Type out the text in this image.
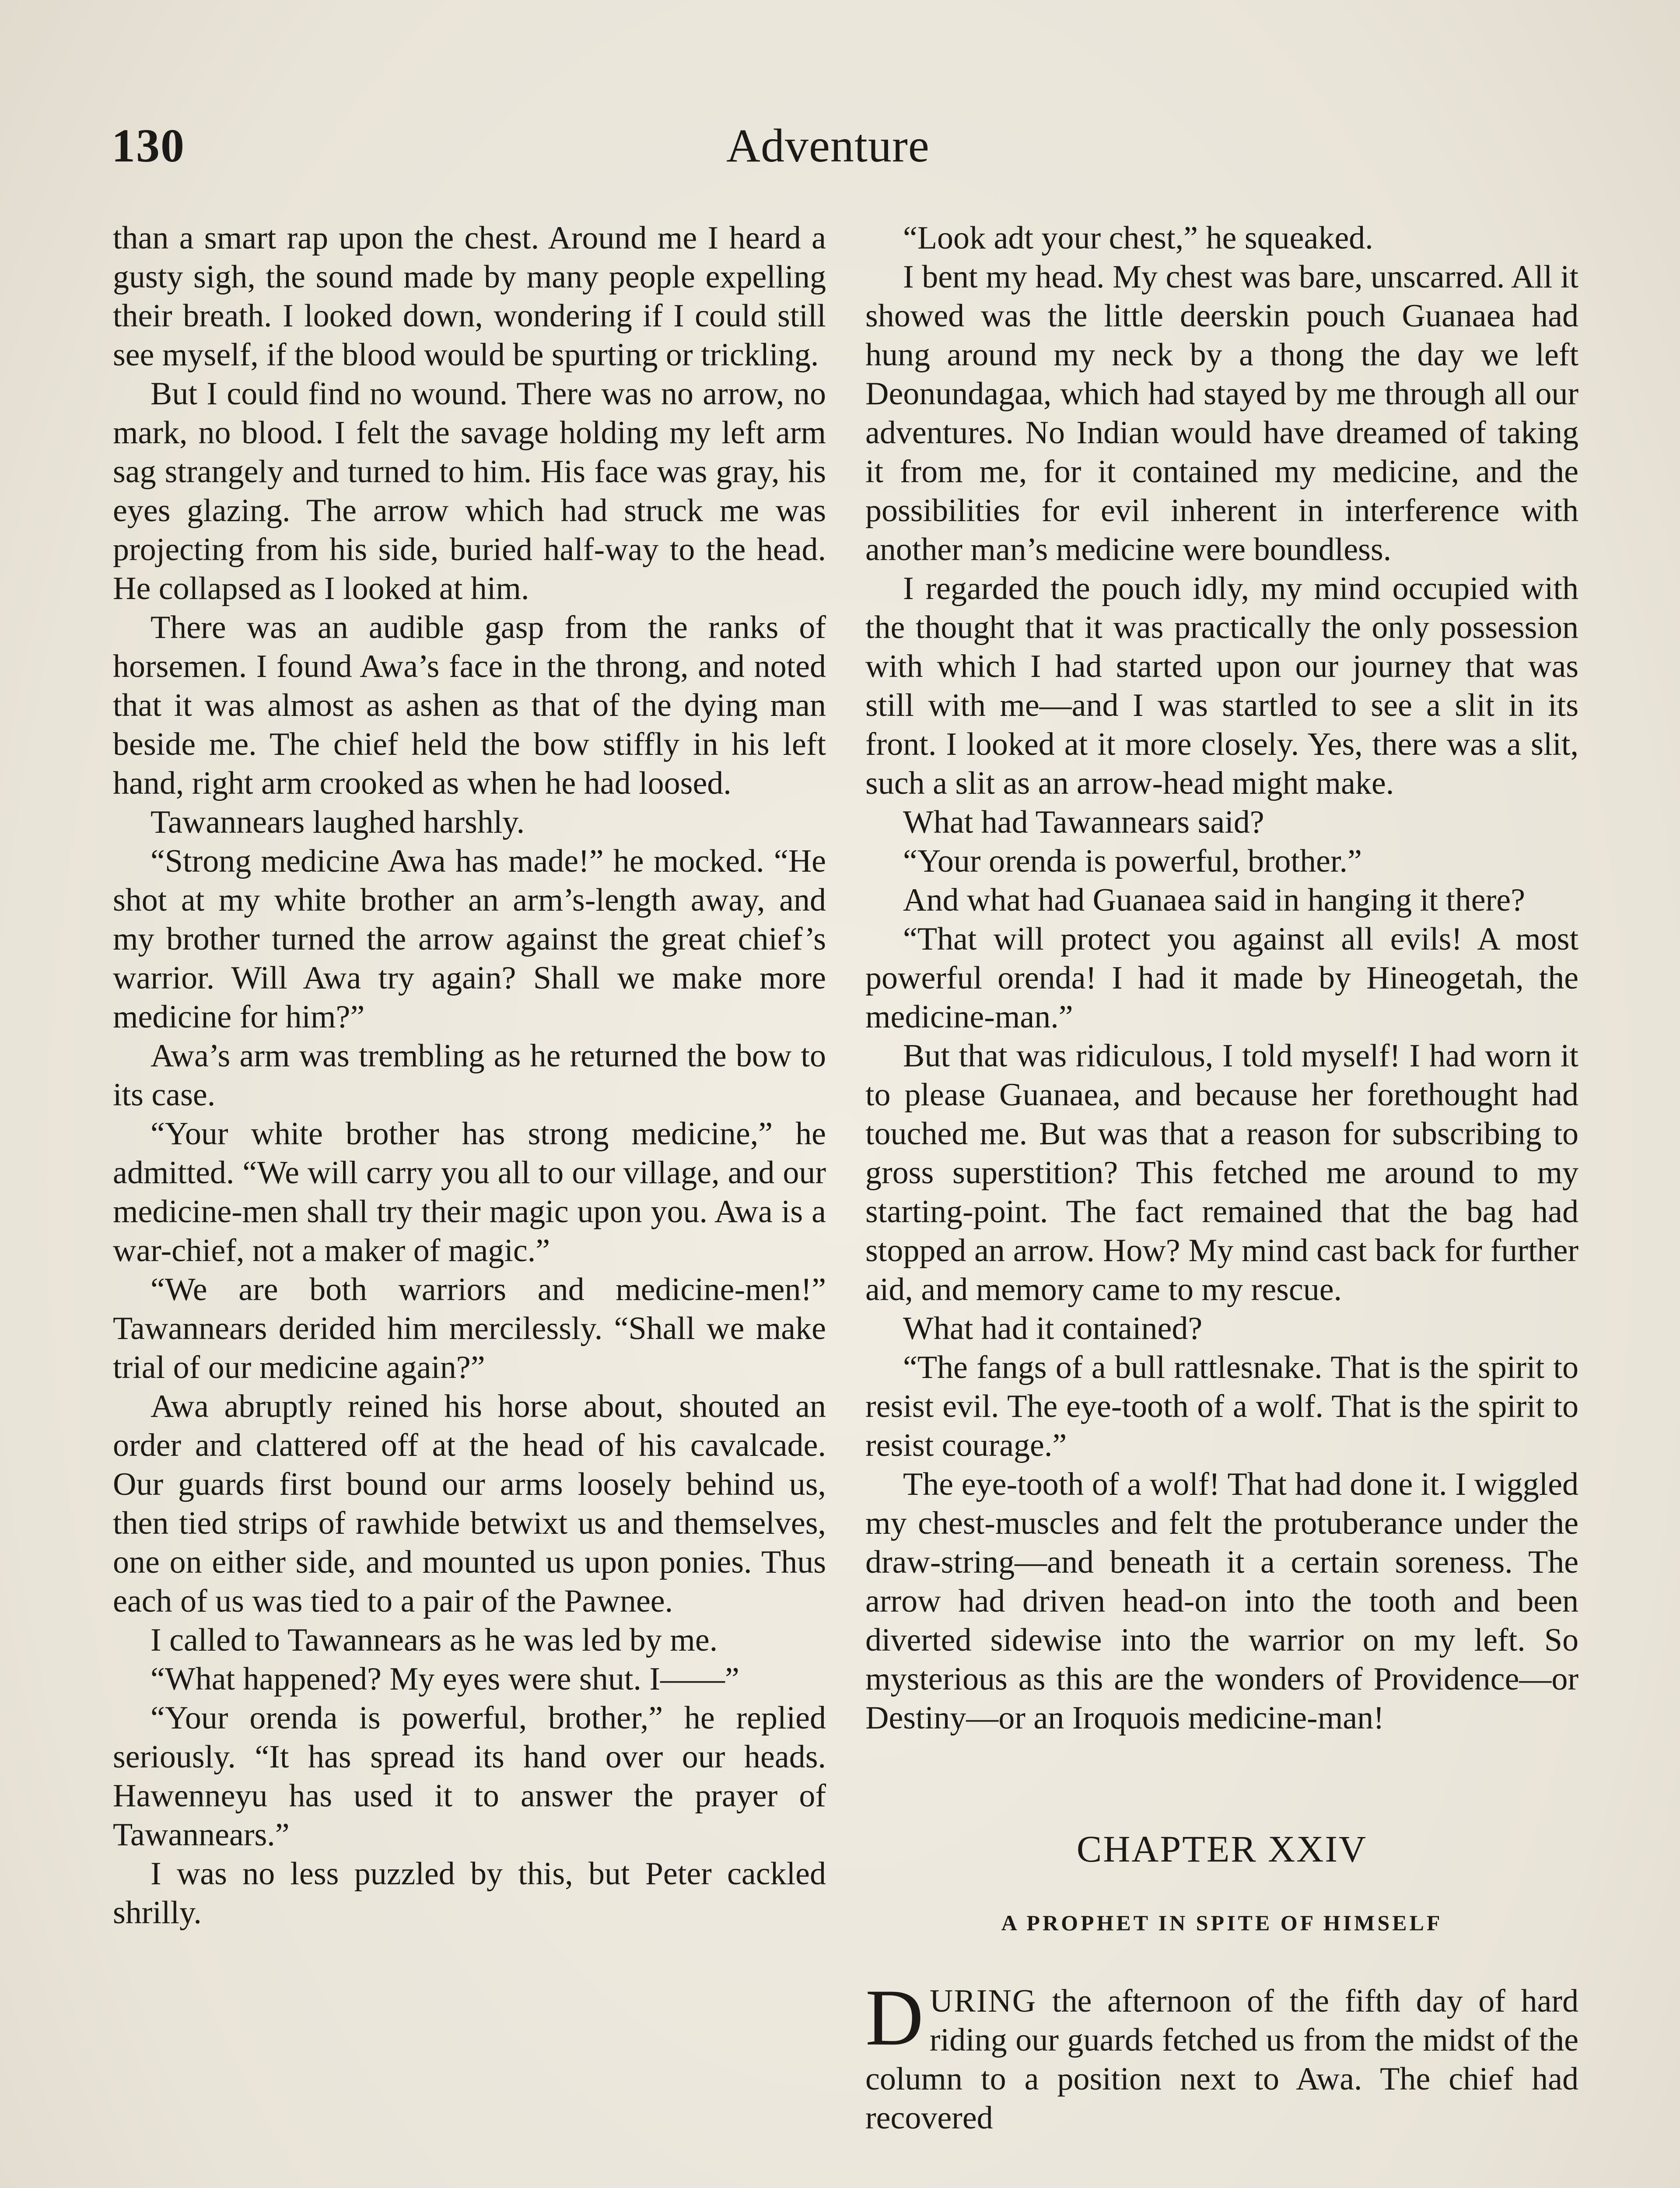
130	Adventure

than a smart rap upon the chest. Around me I heard a gusty sigh, the sound made by many people expelling their breath. I looked down, wondering if I could still see myself, if the blood would be spurting or trickling.

But I could find no wound. There was no arrow, no mark, no blood. I felt the savage holding my left arm sag strangely and turned to him. His face was gray, his eyes glazing. The arrow which had struck me was projecting from his side, buried half-way to the head. He collapsed as I looked at him.

There was an audible gasp from the ranks of horsemen. I found Awa’s face in the throng, and noted that it was almost as ashen as that of the dying man beside me. The chief held the bow stiffly in his left hand, right arm crooked as when he had loosed.

Tawannears laughed harshly.

“Strong medicine Awa has made!” he mocked. “He shot at my white brother an arm’s-length away, and my brother turned the arrow against the great chief’s warrior. Will Awa try again? Shall we make more medicine for him?”

Awa’s arm was trembling as he returned the bow to its case.

“Your white brother has strong medicine,” he admitted. “We will carry you all to our village, and our medicine-men shall try their magic upon you. Awa is a war-chief, not a maker of magic.”

“We are both warriors and medicine-men!” Tawannears derided him mercilessly. “Shall we make trial of our medicine again?”

Awa abruptly reined his horse about, shouted an order and clattered off at the head of his cavalcade. Our guards first bound our arms loosely behind us, then tied strips of rawhide betwixt us and themselves, one on either side, and mounted us upon ponies. Thus each of us was tied to a pair of the Pawnee.

I called to Tawannears as he was led by me.

“What happened? My eyes were shut. I——”

“Your orenda is powerful, brother,” he replied seriously. “It has spread its hand over our heads. Hawenneyu has used it to answer the prayer of Tawannears.”

I was no less puzzled by this, but Peter cackled shrilly.

“Look adt your chest,” he squeaked.

I bent my head. My chest was bare, unscarred. All it showed was the little deerskin pouch Guanaea had hung around my neck by a thong the day we left Deonundagaa, which had stayed by me through all our adventures. No Indian would have dreamed of taking it from me, for it contained my medicine, and the possibilities for evil inherent in interference with another man’s medicine were boundless.

I regarded the pouch idly, my mind occupied with the thought that it was practically the only possession with which I had started upon our journey that was still with me—and I was startled to see a slit in its front. I looked at it more closely. Yes, there was a slit, such a slit as an arrow-head might make.

What had Tawannears said?

“Your orenda is powerful, brother.”

And what had Guanaea said in hanging it there?

“That will protect you against all evils! A most powerful orenda! I had it made by Hineogetah, the medicine-man.”

But that was ridiculous, I told myself! I had worn it to please Guanaea, and because her forethought had touched me. But was that a reason for subscribing to gross superstition? This fetched me around to my starting-point. The fact remained that the bag had stopped an arrow. How? My mind cast back for further aid, and memory came to my rescue.

What had it contained?

“The fangs of a bull rattlesnake. That is the spirit to resist evil. The eye-tooth of a wolf. That is the spirit to resist courage.”

The eye-tooth of a wolf! That had done it. I wiggled my chest-muscles and felt the protuberance under the draw-string—and beneath it a certain soreness. The arrow had driven head-on into the tooth and been diverted sidewise into the warrior on my left. So mysterious as this are the wonders of Providence—or Destiny—or an Iroquois medicine-man!

CHAPTER XXIV
A PROPHET IN SPITE OF HIMSELF

DURING the afternoon of the fifth day of hard riding our guards fetched us from the midst of the column to a position next to Awa. The chief had recovered
